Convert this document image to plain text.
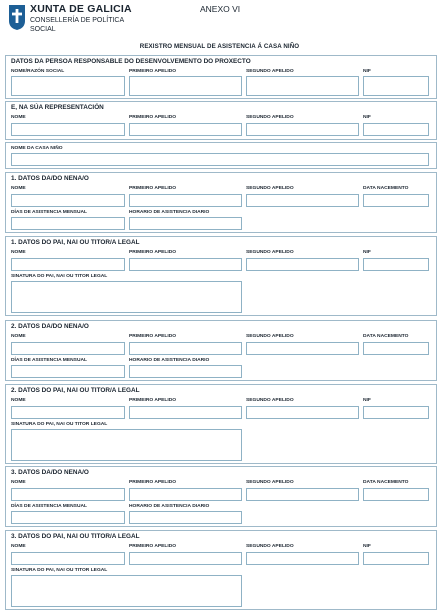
XUNTA DE GALICIA
CONSELLERÍA DE POLÍTICA
SOCIAL
ANEXO VI
REXISTRO MENSUAL DE ASISTENCIA Á CASA NIÑO
DATOS DA PERSOA RESPONSABLE DO DESENVOLVEMENTO DO PROXECTO
NOME/RAZÓN SOCIAL	PRIMEIRO APELIDO	SEGUNDO APELIDO	NIF
E, NA SÚA REPRESENTACIÓN
NOME	PRIMEIRO APELIDO	SEGUNDO APELIDO	NIF
NOME DA CASA NIÑO
1. DATOS DA/DO NENA/O
NOME	PRIMEIRO APELIDO	SEGUNDO APELIDO	DATA NACEMENTO
DÍAS DE ASISTENCIA MENSUAL	HORARIO DE ASISTENCIA DIARIO
1. DATOS DO PAI, NAI OU TITOR/A LEGAL
NOME	PRIMEIRO APELIDO	SEGUNDO APELIDO	NIF
SINATURA DO PAI, NAI OU TITOR LEGAL
2. DATOS DA/DO NENA/O
NOME	PRIMEIRO APELIDO	SEGUNDO APELIDO	DATA NACEMENTO
DÍAS DE ASISTENCIA MENSUAL	HORARIO DE ASISTENCIA DIARIO
2. DATOS DO PAI, NAI OU TITOR/A LEGAL
NOME	PRIMEIRO APELIDO	SEGUNDO APELIDO	NIF
SINATURA DO PAI, NAI OU TITOR LEGAL
3. DATOS DA/DO NENA/O
NOME	PRIMEIRO APELIDO	SEGUNDO APELIDO	DATA NACEMENTO
DÍAS DE ASISTENCIA MENSUAL	HORARIO DE ASISTENCIA DIARIO
3. DATOS DO PAI, NAI OU TITOR/A LEGAL
NOME	PRIMEIRO APELIDO	SEGUNDO APELIDO	NIF
SINATURA DO PAI, NAI OU TITOR LEGAL
